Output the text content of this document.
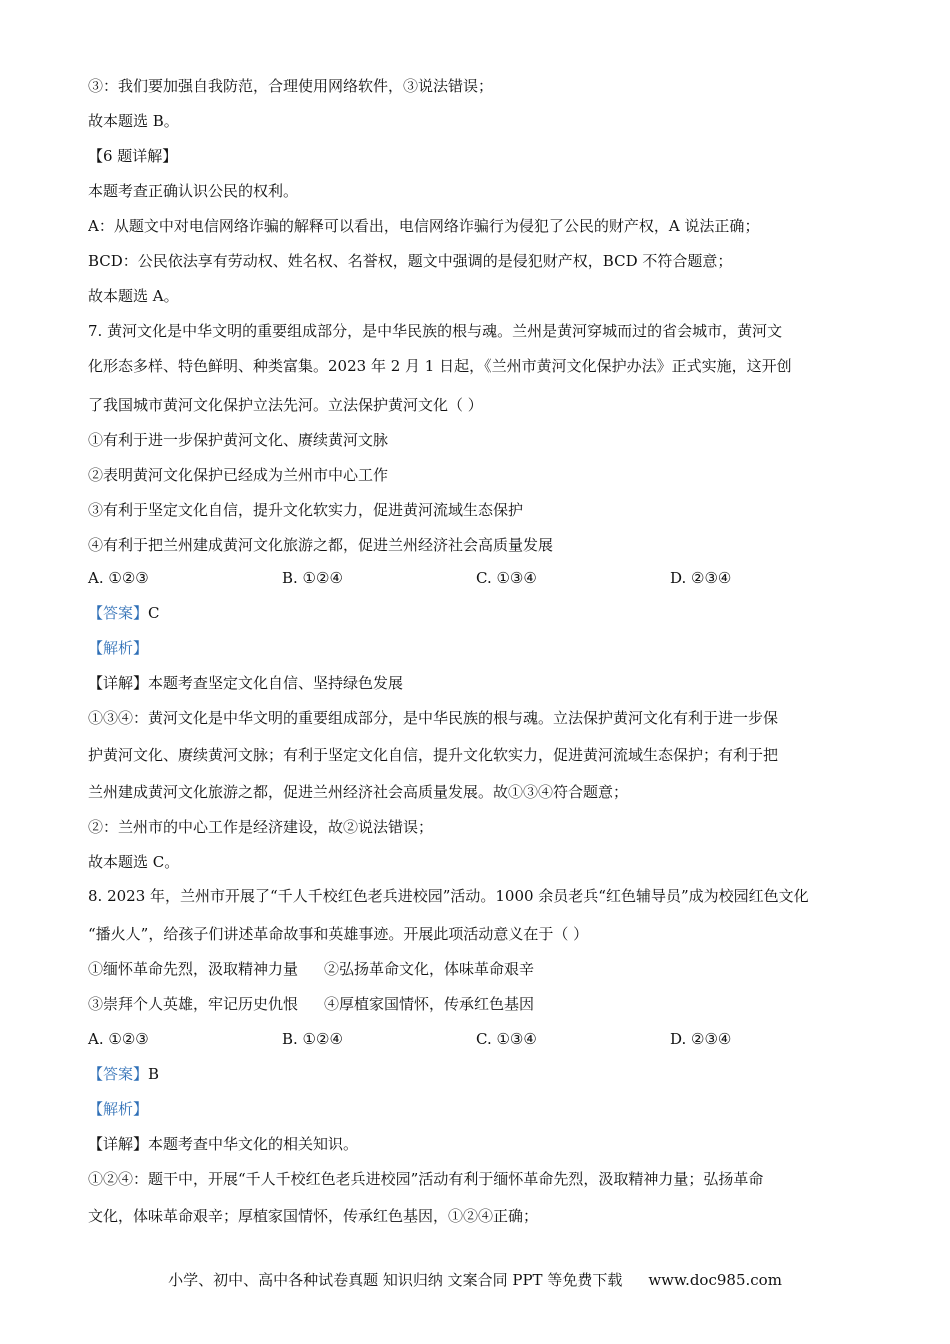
③：我们要加强自我防范，合理使用网络软件，③说法错误；
故本题选 B。
【6 题详解】
本题考查正确认识公民的权利。
A：从题文中对电信网络诈骗的解释可以看出，电信网络诈骗行为侵犯了公民的财产权，A 说法正确；
BCD：公民依法享有劳动权、姓名权、名誉权，题文中强调的是侵犯财产权，BCD 不符合题意；
故本题选 A。
7. 黄河文化是中华文明的重要组成部分，是中华民族的根与魂。兰州是黄河穿城而过的省会城市，黄河文
化形态多样、特色鲜明、种类富集。2023 年 2 月 1 日起，《兰州市黄河文化保护办法》正式实施，这开创
了我国城市黄河文化保护立法先河。立法保护黄河文化（ ）
①有利于进一步保护黄河文化、赓续黄河文脉
②表明黄河文化保护已经成为兰州市中心工作
③有利于坚定文化自信，提升文化软实力，促进黄河流域生态保护
④有利于把兰州建成黄河文化旅游之都，促进兰州经济社会高质量发展
A. ①②③	B. ①②④	C. ①③④	D. ②③④
【答案】C
【解析】
【详解】本题考查坚定文化自信、坚持绿色发展
①③④：黄河文化是中华文明的重要组成部分，是中华民族的根与魂。立法保护黄河文化有利于进一步保
护黄河文化、赓续黄河文脉；有利于坚定文化自信，提升文化软实力，促进黄河流域生态保护；有利于把
兰州建成黄河文化旅游之都，促进兰州经济社会高质量发展。故①③④符合题意；
②：兰州市的中心工作是经济建设，故②说法错误；
故本题选 C。
8. 2023 年，兰州市开展了“千人千校红色老兵进校园”活动。1000 余员老兵“红色辅导员”成为校园红色文化
“播火人”，给孩子们讲述革命故事和英雄事迹。开展此项活动意义在于（ ）
①缅怀革命先烈，汲取精神力量 ②弘扬革命文化，体味革命艰辛
③崇拜个人英雄，牢记历史仇恨 ④厚植家国情怀，传承红色基因
A. ①②③	B. ①②④	C. ①③④	D. ②③④
【答案】B
【解析】
【详解】本题考查中华文化的相关知识。
①②④：题干中，开展“千人千校红色老兵进校园”活动有利于缅怀革命先烈，汲取精神力量；弘扬革命
文化，体味革命艰辛；厚植家国情怀，传承红色基因，①②④正确；
小学、初中、高中各种试卷真题 知识归纳 文案合同 PPT 等免费下载 www.doc985.com
